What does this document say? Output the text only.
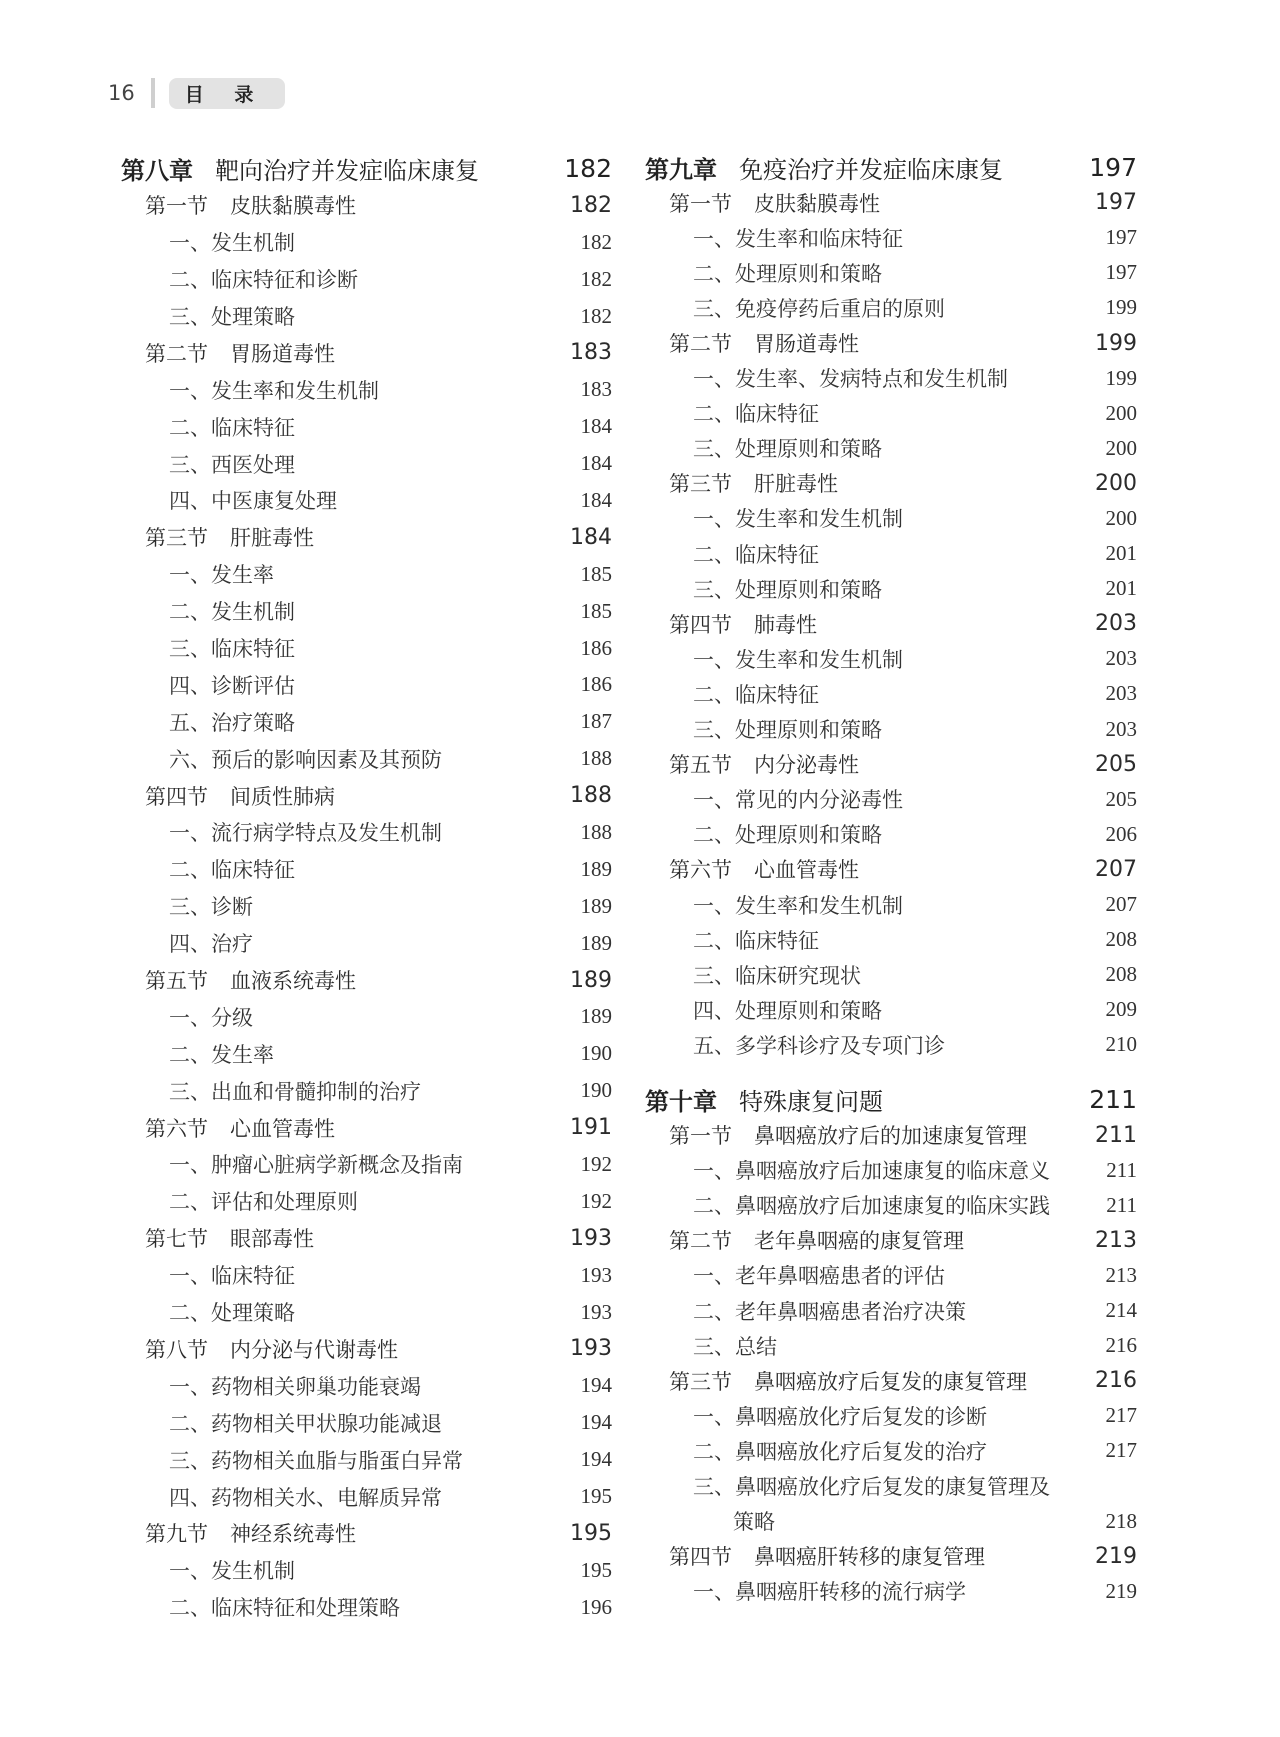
16	目 录
第八章 靶向治疗并发症临床康复	182
第一节 皮肤黏膜毒性	182
一、发生机制	182
二、临床特征和诊断	182
三、处理策略	182
第二节 胃肠道毒性	183
一、发生率和发生机制	183
二、临床特征	184
三、西医处理	184
四、中医康复处理	184
第三节 肝脏毒性	184
一、发生率	185
二、发生机制	185
三、临床特征	186
四、诊断评估	186
五、治疗策略	187
六、预后的影响因素及其预防	188
第四节 间质性肺病	188
一、流行病学特点及发生机制	188
二、临床特征	189
三、诊断	189
四、治疗	189
第五节 血液系统毒性	189
一、分级	189
二、发生率	190
三、出血和骨髓抑制的治疗	190
第六节 心血管毒性	191
一、肿瘤心脏病学新概念及指南	192
二、评估和处理原则	192
第七节 眼部毒性	193
一、临床特征	193
二、处理策略	193
第八节 内分泌与代谢毒性	193
一、药物相关卵巢功能衰竭	194
二、药物相关甲状腺功能减退	194
三、药物相关血脂与脂蛋白异常	194
四、药物相关水、电解质异常	195
第九节 神经系统毒性	195
一、发生机制	195
二、临床特征和处理策略	196
第九章 免疫治疗并发症临床康复	197
第一节 皮肤黏膜毒性	197
一、发生率和临床特征	197
二、处理原则和策略	197
三、免疫停药后重启的原则	199
第二节 胃肠道毒性	199
一、发生率、发病特点和发生机制	199
二、临床特征	200
三、处理原则和策略	200
第三节 肝脏毒性	200
一、发生率和发生机制	200
二、临床特征	201
三、处理原则和策略	201
第四节 肺毒性	203
一、发生率和发生机制	203
二、临床特征	203
三、处理原则和策略	203
第五节 内分泌毒性	205
一、常见的内分泌毒性	205
二、处理原则和策略	206
第六节 心血管毒性	207
一、发生率和发生机制	207
二、临床特征	208
三、临床研究现状	208
四、处理原则和策略	209
五、多学科诊疗及专项门诊	210
第十章 特殊康复问题	211
第一节 鼻咽癌放疗后的加速康复管理	211
一、鼻咽癌放疗后加速康复的临床意义	211
二、鼻咽癌放疗后加速康复的临床实践	211
第二节 老年鼻咽癌的康复管理	213
一、老年鼻咽癌患者的评估	213
二、老年鼻咽癌患者治疗决策	214
三、总结	216
第三节 鼻咽癌放疗后复发的康复管理	216
一、鼻咽癌放化疗后复发的诊断	217
二、鼻咽癌放化疗后复发的治疗	217
三、鼻咽癌放化疗后复发的康复管理及
策略	218
第四节 鼻咽癌肝转移的康复管理	219
一、鼻咽癌肝转移的流行病学	219
